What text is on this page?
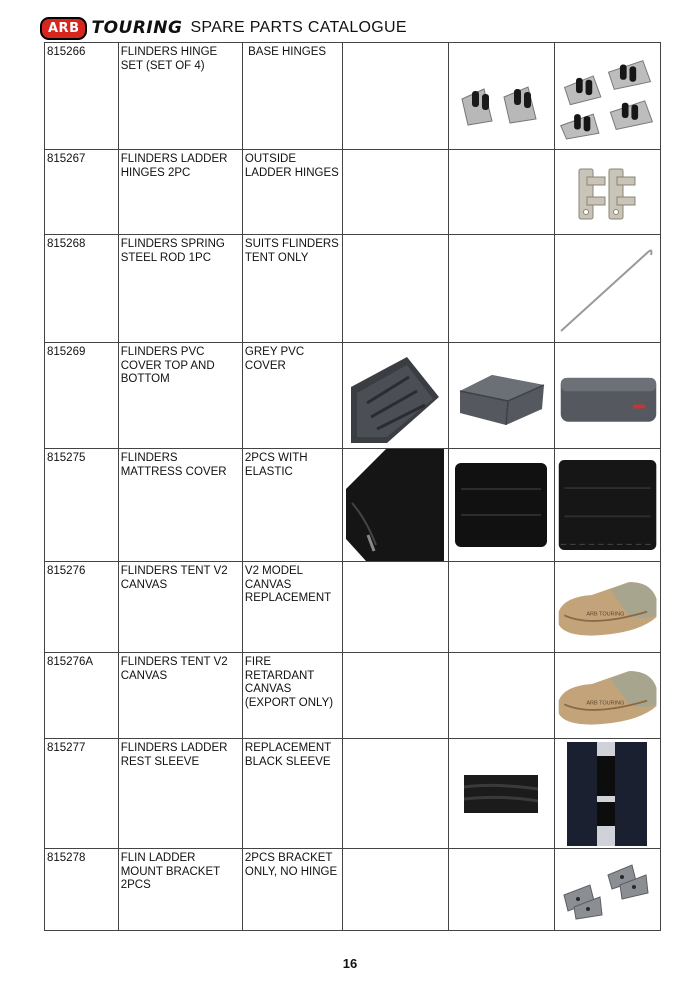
ARB TOURING SPARE PARTS CATALOGUE
815266	FLINDERS HINGE SET (SET OF 4)	BASE HINGES		

815267	FLINDERS LADDER HINGES 2PC	OUTSIDE LADDER HINGES			

815268	FLINDERS SPRING STEEL ROD 1PC	SUITS FLINDERS TENT ONLY			

815269	FLINDERS PVC COVER TOP AND BOTTOM	GREY PVC COVER	

815275	FLINDERS MATTRESS COVER	2PCS WITH ELASTIC	

815276	FLINDERS TENT V2 CANVAS	V2 MODEL CANVAS REPLACEMENT			ARB TOURING

815276A	FLINDERS TENT V2 CANVAS	FIRE RETARDANT CANVAS (EXPORT ONLY)			ARB TOURING

815277	FLINDERS LADDER REST SLEEVE	REPLACEMENT BLACK SLEEVE		

815278	FLIN LADDER MOUNT BRACKET 2PCS	2PCS BRACKET ONLY, NO HINGE			
16
